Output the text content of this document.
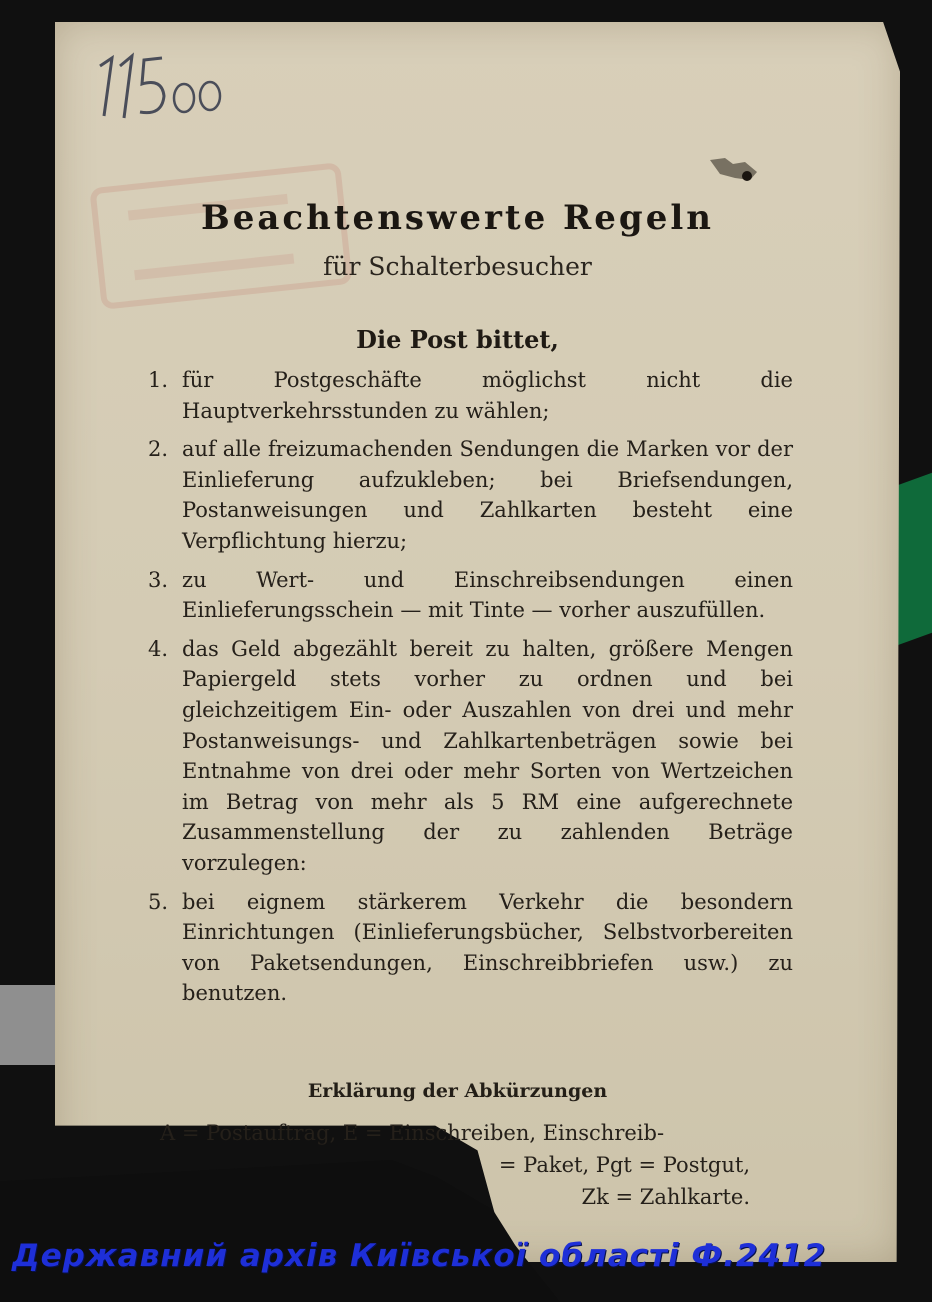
115oo
Beachtenswerte Regeln
für Schalterbesucher
Die Post bittet,
1. für Postgeschäfte möglichst nicht die Hauptverkehrsstunden zu wählen;
2. auf alle freizumachenden Sendungen die Marken vor der Einlieferung aufzukleben; bei Briefsendungen, Postanweisungen und Zahlkarten besteht eine Verpflichtung hierzu;
3. zu Wert- und Einschreibsendungen einen Einlieferungsschein — mit Tinte — vorher auszufüllen.
4. das Geld abgezählt bereit zu halten, größere Mengen Papiergeld stets vorher zu ordnen und bei gleichzeitigem Ein- oder Auszahlen von drei und mehr Postanweisungs- und Zahlkartenbeträgen sowie bei Entnahme von drei oder mehr Sorten von Wertzeichen im Betrag von mehr als 5 RM eine aufgerechnete Zusammenstellung der zu zahlenden Beträge vorzulegen:
5. bei eignem stärkerem Verkehr die besondern Einrichtungen (Einlieferungsbücher, Selbstvorbereiten von Paketsendungen, Einschreibbriefen usw.) zu benutzen.
Erklärung der Abkürzungen
A = Postauftrag, E = Einschreiben, Einschreib-
= Paket, Pgt = Postgut,
Zk = Zahlkarte.
Державний архів Київської області Ф.2412
